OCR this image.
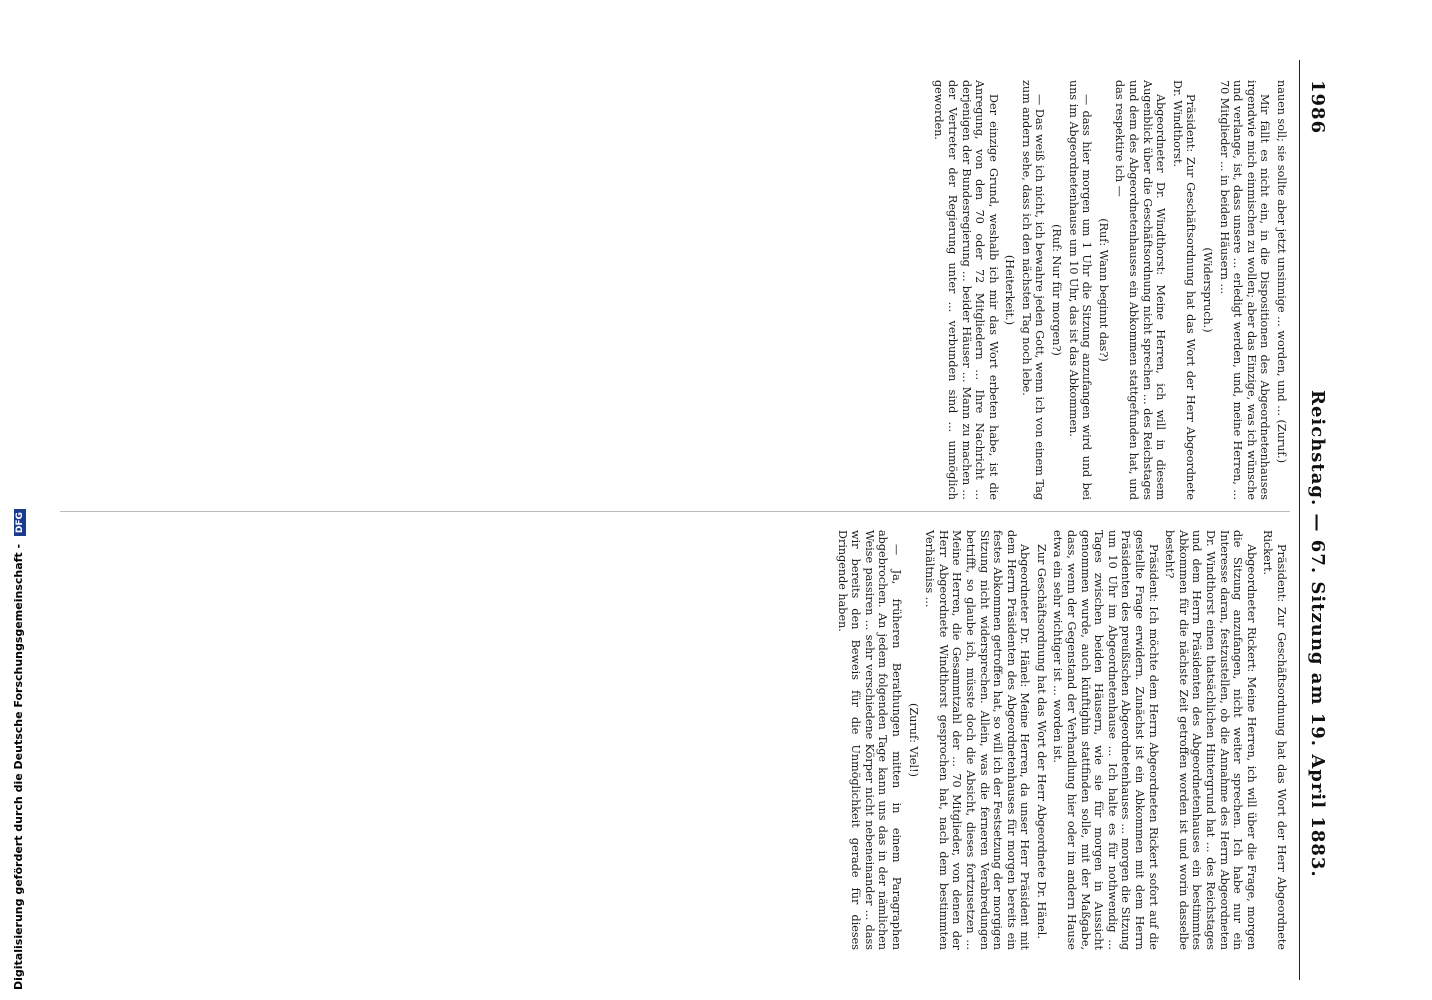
1986
Reichstag. — 67. Sitzung am 19. April 1883.

nauen soll; sie sollte aber jetzt unsinnige ... worden, und ... (Zuruf.)

Mir fällt es nicht ein, in die Dispositionen des Abgeordnetenhauses irgendwie mich einmischen zu wollen; aber das Einzige, was ich wünsche und verlange, ist, dass unsere ... erledigt werden, und, meine Herren, ... 70 Mitglieder ... in beiden Häusern ...

(Widerspruch.)

Präsident: Zur Geschäftsordnung hat das Wort der Herr Abgeordnete Dr. Windthorst.

Abgeordneter Dr. Windthorst: Meine Herren, ich will in diesem Augenblick über die Geschäftsordnung nicht sprechen ... des Reichstages und dem des Abgeordnetenhauses ein Abkommen stattgefunden hat, und das respektire ich —

(Ruf: Wann beginnt das?)

— dass hier morgen um 1 Uhr die Sitzung anzufangen wird und bei uns im Abgeordnetenhause um 10 Uhr, das ist das Abkommen.

(Ruf: Nur für morgen?)

— Das weiß ich nicht, ich bewahre jeden Gott, wenn ich von einem Tag zum andern sehe, dass ich den nächsten Tag noch lebe.

(Heiterkeit.)

Der einzige Grund, weshalb ich mir das Wort erbeten habe, ist die Anregung, von den 70 oder 72 Mitgliedern ... Ihre Nachricht ... derjenigen der Bundesregierung ... beider Häuser ... Mann zu machen ... der Vertreter der Regierung unter ... verbunden sind ... unmöglich geworden.

Präsident: Zur Geschäftsordnung hat das Wort der Herr Abgeordnete Rickert.

Abgeordneter Rickert: Meine Herren, ich will über die Frage, morgen die Sitzung anzufangen, nicht weiter sprechen. Ich habe nur ein Interesse daran, festzustellen, ob die Annahme des Herrn Abgeordneten Dr. Windthorst einen thatsächlichen Hintergrund hat ... des Reichstages und dem Herrn Präsidenten des Abgeordnetenhauses ein bestimmtes Abkommen für die nächste Zeit getroffen worden ist und worin dasselbe besteht?

Präsident: Ich möchte dem Herrn Abgeordneten Rickert sofort auf die gestellte Frage erwidern. Zunächst ist ein Abkommen mit dem Herrn Präsidenten des preußischen Abgeordnetenhauses ... morgen die Sitzung um 10 Uhr im Abgeordnetenhause ... Ich halte es für nothwendig ... Tages zwischen beiden Häusern, wie sie für morgen in Aussicht genommen wurde, auch künftighin stattfinden solle, mit der Maßgabe, dass, wenn der Gegenstand der Verhandlung hier oder im andern Hause etwa ein sehr wichtiger ist ... worden ist.

Zur Geschäftsordnung hat das Wort der Herr Abgeordnete Dr. Hänel.

Abgeordneter Dr. Hänel: Meine Herren, da unser Herr Präsident mit dem Herrn Präsidenten des Abgeordnetenhauses für morgen bereits ein festes Abkommen getroffen hat, so will ich der Festsetzung der morgigen Sitzung nicht widersprechen. Allein, was die ferneren Verabredungen betrifft, so glaube ich, müsste doch die Absicht, dieses fortzusetzen ... Meine Herren, die Gesammtzahl der ... 70 Mitglieder, von denen der Herr Abgeordnete Windthorst gesprochen hat, nach dem bestimmten Verhältniss ...

(Zuruf: Viel!)

— Ja, früheren Berathungen mitten in einem Paragraphen abgebrochen. An jedem folgenden Tage kann uns das in der nämlichen Weise passiren ... sehr verschiedene Körper nicht nebeneinander ... dass wir bereits den Beweis für die Unmöglichkeit gerade für dieses Dringende haben.

Digitalisierung gefördert durch die Deutsche Forschungsgemeinschaft - DFG
